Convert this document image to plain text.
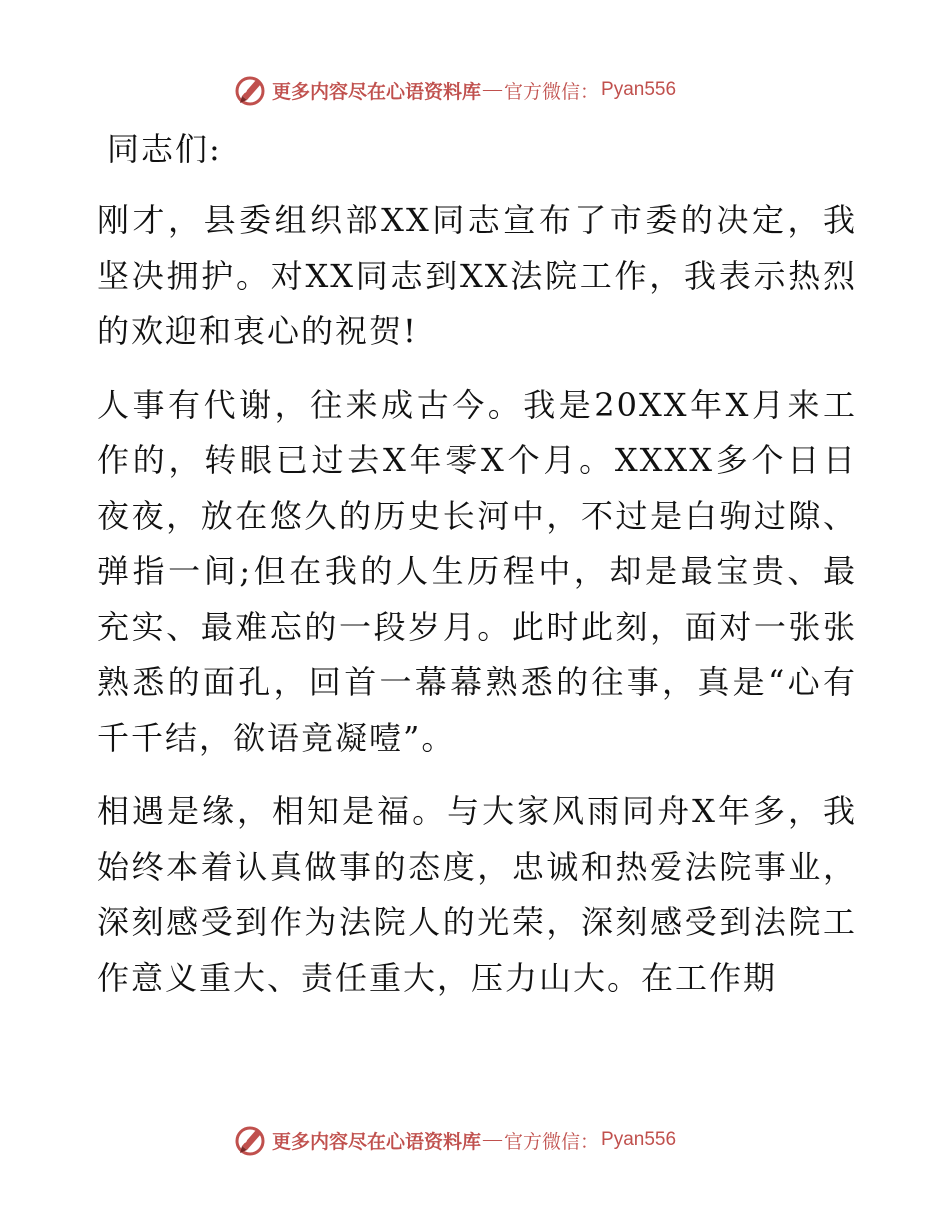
更多内容尽在心语资料库 — 官方微信： Pyan556

同志们:

刚才，县委组织部XX同志宣布了市委的决定，我坚决拥护。对XX同志到XX法院工作，我表示热烈的欢迎和衷心的祝贺!

人事有代谢，往来成古今。我是20XX年X月来工作的，转眼已过去X年零X个月。XXXX多个日日夜夜，放在悠久的历史长河中，不过是白驹过隙、弹指一间;但在我的人生历程中，却是最宝贵、最充实、最难忘的一段岁月。此时此刻，面对一张张熟悉的面孔，回首一幕幕熟悉的往事，真是“心有千千结，欲语竟凝噎”。

相遇是缘，相知是福。与大家风雨同舟X年多，我始终本着认真做事的态度，忠诚和热爱法院事业，深刻感受到作为法院人的光荣，深刻感受到法院工作意义重大、责任重大，压力山大。在工作期

更多内容尽在心语资料库 — 官方微信： Pyan556
